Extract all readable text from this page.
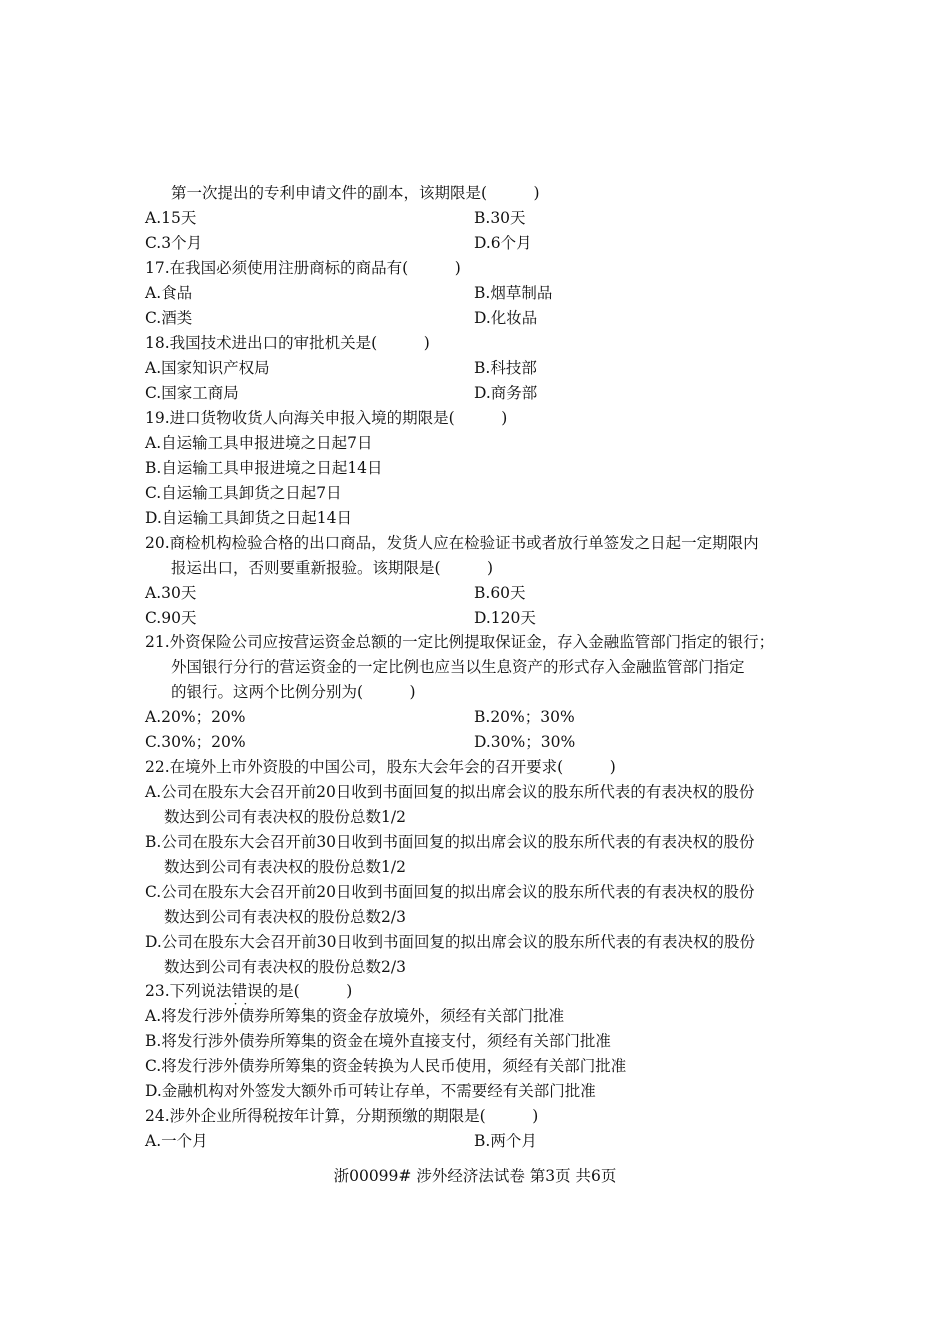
第一次提出的专利申请文件的副本，该期限是(　　　)
A.15天	B.30天
C.3个月	D.6个月
17.在我国必须使用注册商标的商品有(　　　)
A.食品	B.烟草制品
C.酒类	D.化妆品
18.我国技术进出口的审批机关是(　　　)
A.国家知识产权局	B.科技部
C.国家工商局	D.商务部
19.进口货物收货人向海关申报入境的期限是(　　　)
A.自运输工具申报进境之日起7日
B.自运输工具申报进境之日起14日
C.自运输工具卸货之日起7日
D.自运输工具卸货之日起14日
20.商检机构检验合格的出口商品，发货人应在检验证书或者放行单签发之日起一定期限内
报运出口，否则要重新报验。该期限是(　　　)
A.30天	B.60天
C.90天	D.120天
21.外资保险公司应按营运资金总额的一定比例提取保证金，存入金融监管部门指定的银行；
外国银行分行的营运资金的一定比例也应当以生息资产的形式存入金融监管部门指定
的银行。这两个比例分别为(　　　)
A.20%；20%	B.20%；30%
C.30%；20%	D.30%；30%
22.在境外上市外资股的中国公司，股东大会年会的召开要求(　　　)
A.公司在股东大会召开前20日收到书面回复的拟出席会议的股东所代表的有表决权的股份
数达到公司有表决权的股份总数1/2
B.公司在股东大会召开前30日收到书面回复的拟出席会议的股东所代表的有表决权的股份
数达到公司有表决权的股份总数1/2
C.公司在股东大会召开前20日收到书面回复的拟出席会议的股东所代表的有表决权的股份
数达到公司有表决权的股份总数2/3
D.公司在股东大会召开前30日收到书面回复的拟出席会议的股东所代表的有表决权的股份
数达到公司有表决权的股份总数2/3
23.下列说法错误 ··的是(　　　)
A.将发行涉外债券所筹集的资金存放境外，须经有关部门批准
B.将发行涉外债券所筹集的资金在境外直接支付，须经有关部门批准
C.将发行涉外债券所筹集的资金转换为人民币使用，须经有关部门批准
D.金融机构对外签发大额外币可转让存单，不需要经有关部门批准
24.涉外企业所得税按年计算，分期预缴的期限是(　　　)
A.一个月	B.两个月
浙00099# 涉外经济法试卷 第3页 共6页
